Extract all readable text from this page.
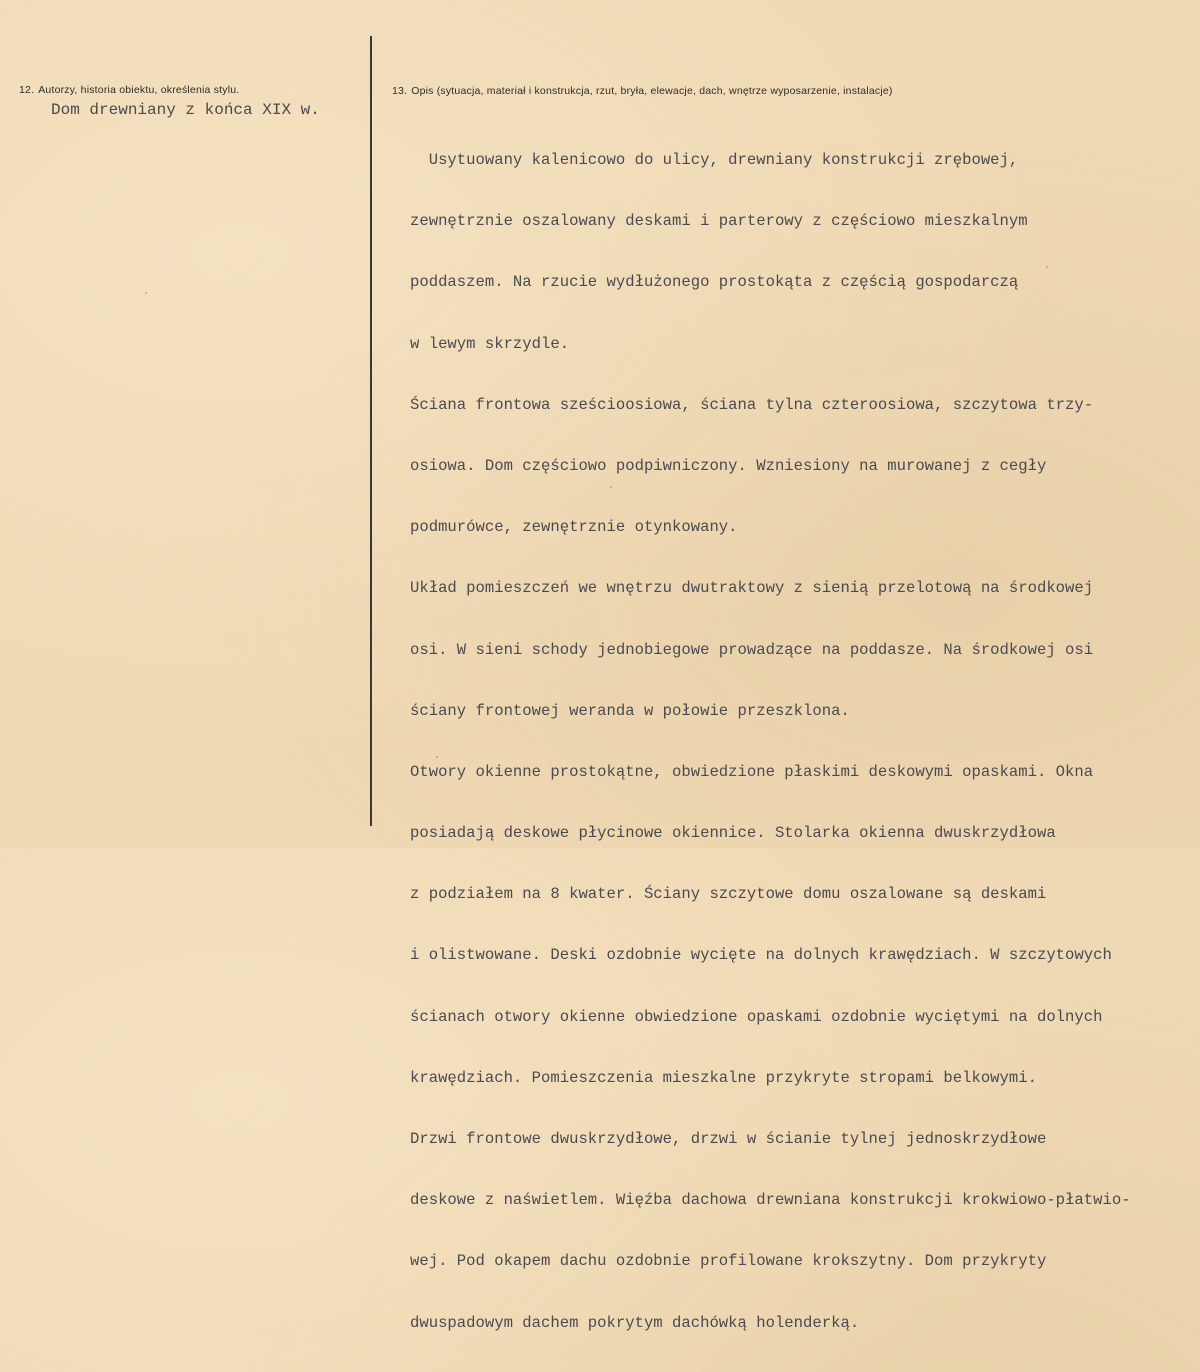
12. Autorzy, historia obiektu, określenia stylu.
Dom drewniany z końca XIX w.
13. Opis (sytuacja, materiał i konstrukcja, rzut, bryła, elewacje, dach, wnętrze wyposarzenie, instalacje)

Usytuowany kalenicowo do ulicy, drewniany konstrukcji zrębowej,

zewnętrznie oszalowany deskami i parterowy z częściowo mieszkalnym

poddaszem. Na rzucie wydłużonego prostokąta z częścią gospodarczą

w lewym skrzydle.

Ściana frontowa sześcioosiowa, ściana tylna czteroosiowa, szczytowa trzy-

osiowa. Dom częściowo podpiwniczony. Wzniesiony na murowanej z cegły

podmurówce, zewnętrznie otynkowany.

Układ pomieszczeń we wnętrzu dwutraktowy z sienią przelotową na środkowej

osi. W sieni schody jednobiegowe prowadzące na poddasze. Na środkowej osi

ściany frontowej weranda w połowie przeszklona.

Otwory okienne prostokątne, obwiedzione płaskimi deskowymi opaskami. Okna

posiadają deskowe płycinowe okiennice. Stolarka okienna dwuskrzydłowa

z podziałem na 8 kwater. Ściany szczytowe domu oszalowane są deskami

i olistwowane. Deski ozdobnie wycięte na dolnych krawędziach. W szczytowych

ścianach otwory okienne obwiedzione opaskami ozdobnie wyciętymi na dolnych

krawędziach. Pomieszczenia mieszkalne przykryte stropami belkowymi.

Drzwi frontowe dwuskrzydłowe, drzwi w ścianie tylnej jednoskrzydłowe

deskowe z naświetlem. Więźba dachowa drewniana konstrukcji krokwiowo-płatwio-

wej. Pod okapem dachu ozdobnie profilowane krokszytny. Dom przykryty

dwuspadowym dachem pokrytym dachówką holenderką.
